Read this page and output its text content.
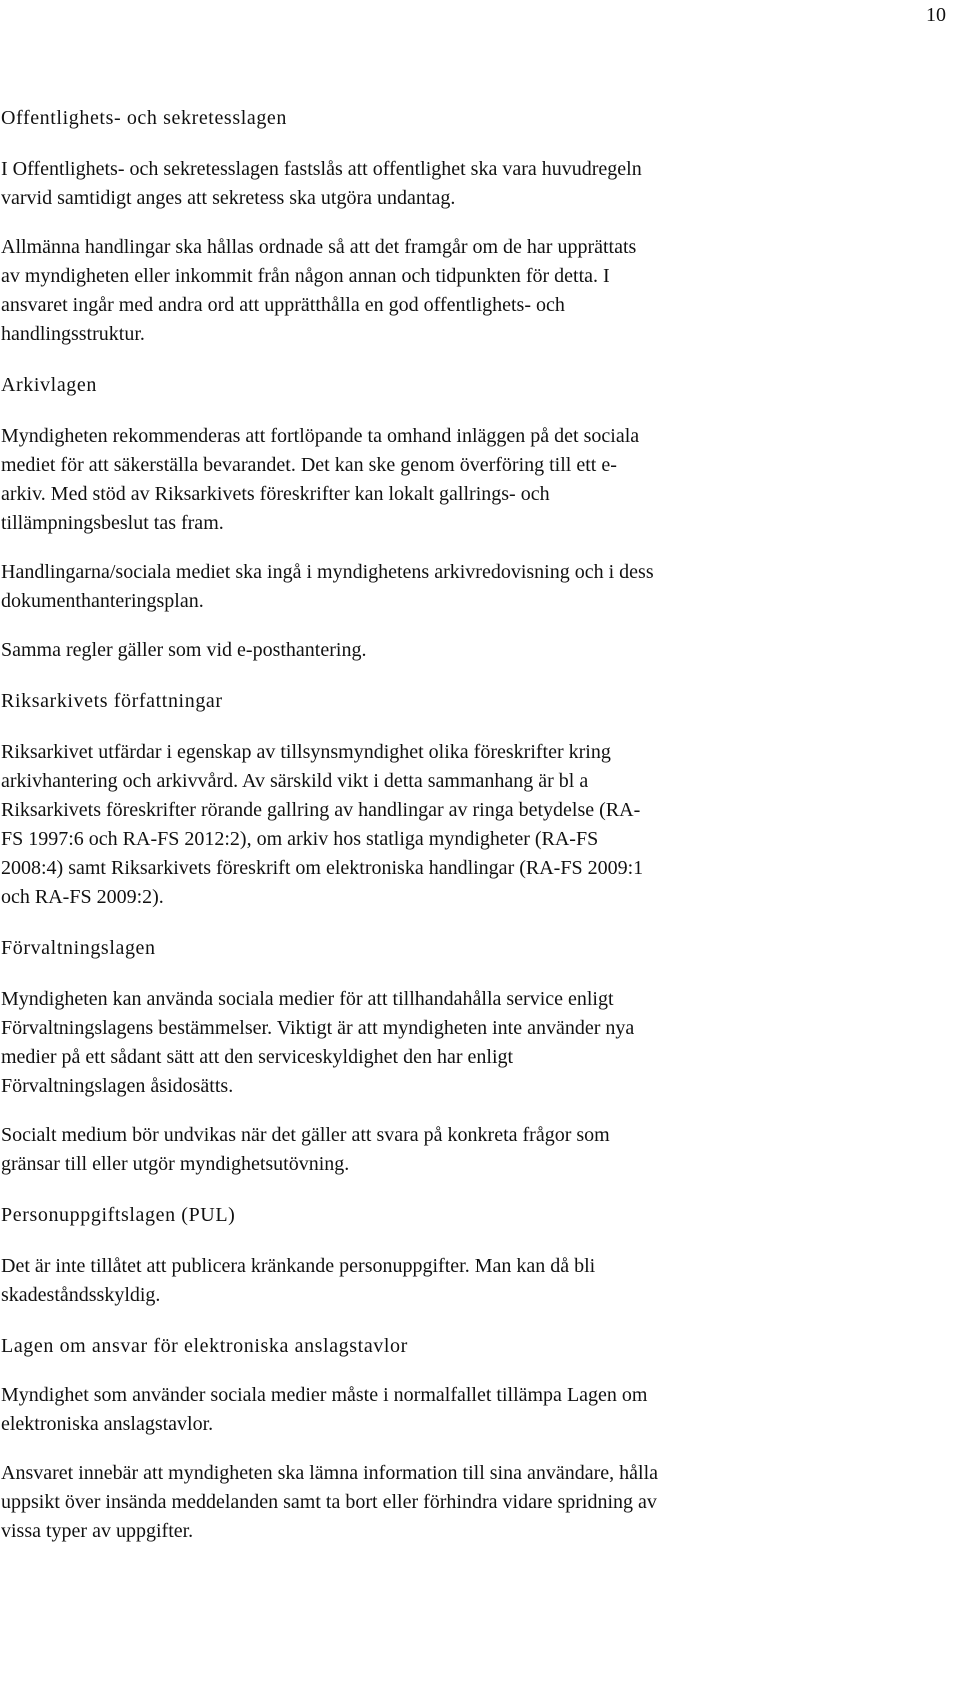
10
Offentlighets- och sekretesslagen
I Offentlighets- och sekretesslagen fastslås att offentlighet ska vara huvudregeln
varvid samtidigt anges att sekretess ska utgöra undantag.
Allmänna handlingar ska hållas ordnade så att det framgår om de har upprättats
av myndigheten eller inkommit från någon annan och tidpunkten för detta. I
ansvaret ingår med andra ord att upprätthålla en god offentlighets- och
handlingsstruktur.
Arkivlagen
Myndigheten rekommenderas att fortlöpande ta omhand inläggen på det sociala
mediet för att säkerställa bevarandet. Det kan ske genom överföring till ett e-
arkiv. Med stöd av Riksarkivets föreskrifter kan lokalt gallrings- och
tillämpningsbeslut tas fram.
Handlingarna/sociala mediet ska ingå i myndighetens arkivredovisning och i dess
dokumenthanteringsplan.
Samma regler gäller som vid e-posthantering.
Riksarkivets författningar
Riksarkivet utfärdar i egenskap av tillsynsmyndighet olika föreskrifter kring
arkivhantering och arkivvård. Av särskild vikt i detta sammanhang är bl a
Riksarkivets föreskrifter rörande gallring av handlingar av ringa betydelse (RA-
FS 1997:6 och RA-FS 2012:2), om arkiv hos statliga myndigheter (RA-FS
2008:4) samt Riksarkivets föreskrift om elektroniska handlingar (RA-FS 2009:1
och RA-FS 2009:2).
Förvaltningslagen
Myndigheten kan använda sociala medier för att tillhandahålla service enligt
Förvaltningslagens bestämmelser. Viktigt är att myndigheten inte använder nya
medier på ett sådant sätt att den serviceskyldighet den har enligt
Förvaltningslagen åsidosätts.
Socialt medium bör undvikas när det gäller att svara på konkreta frågor som
gränsar till eller utgör myndighetsutövning.
Personuppgiftslagen (PUL)
Det är inte tillåtet att publicera kränkande personuppgifter. Man kan då bli
skadeståndsskyldig.
Lagen om ansvar för elektroniska anslagstavlor
Myndighet som använder sociala medier måste i normalfallet tillämpa Lagen om
elektroniska anslagstavlor.
Ansvaret innebär att myndigheten ska lämna information till sina användare, hålla
uppsikt över insända meddelanden samt ta bort eller förhindra vidare spridning av
vissa typer av uppgifter.
